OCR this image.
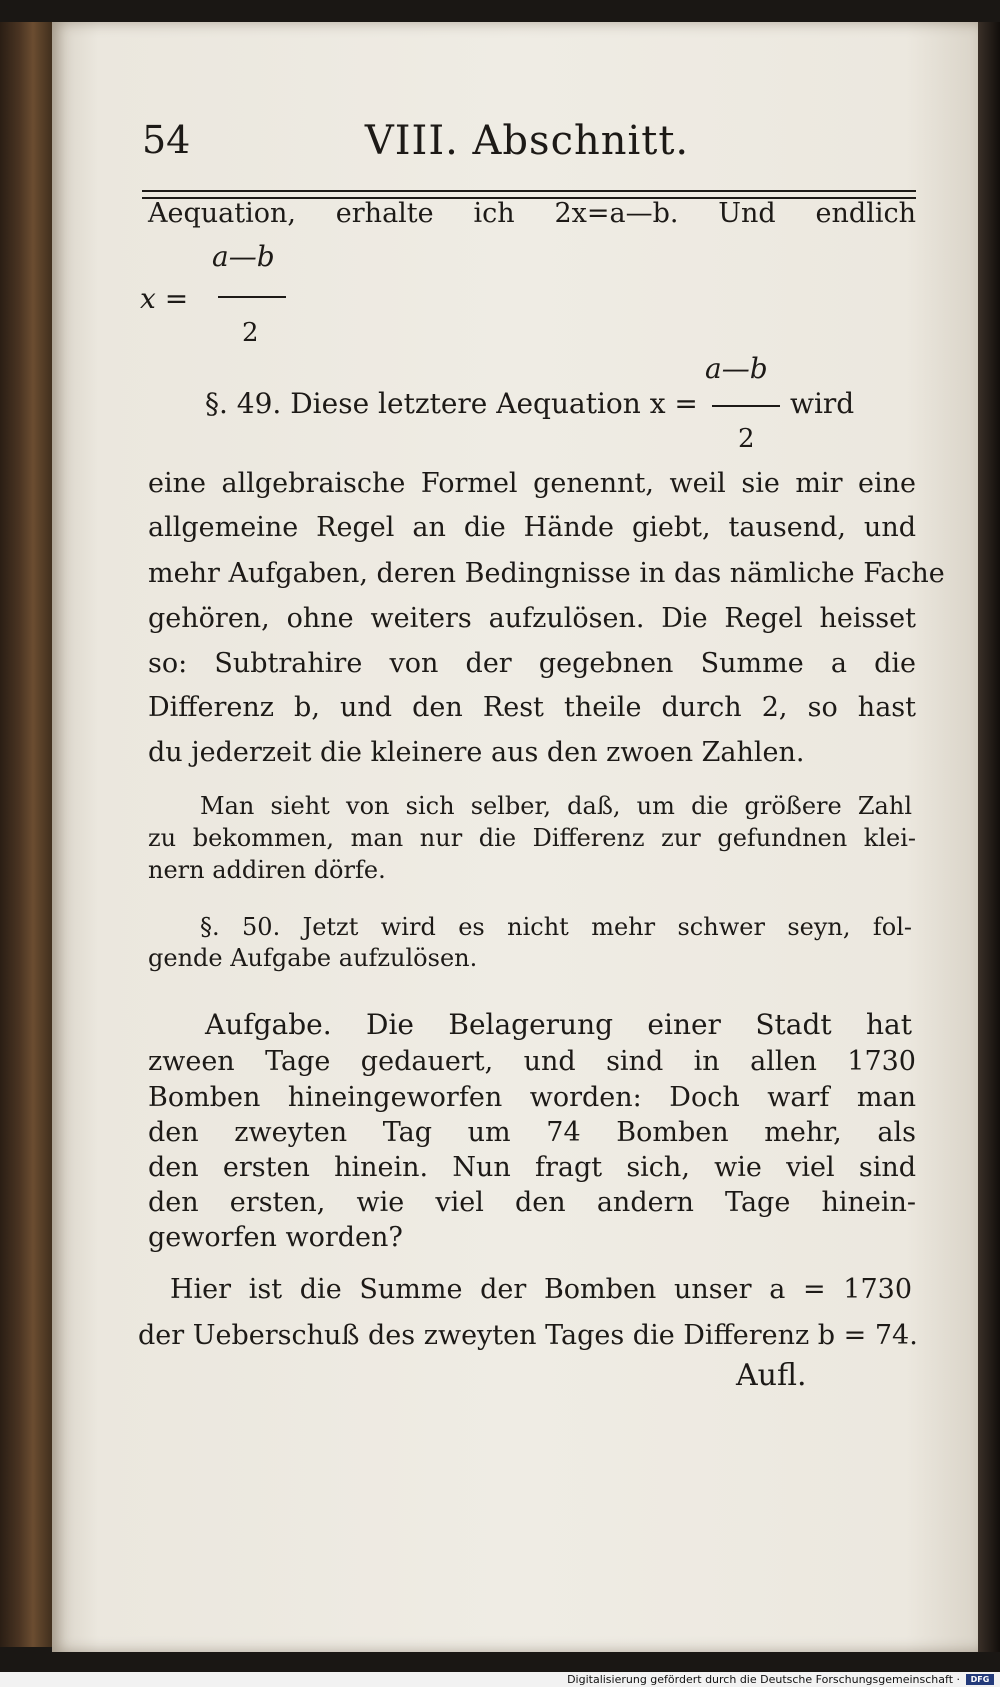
54	VIII. Abschnitt.
Aequation, erhalte ich 2x=a—b. Und endlich
a—b
x =
2
§. 49. Diese letztere Aequation x =
a—b
2
wird
eine allgebraische Formel genennt, weil sie mir eine
allgemeine Regel an die Hände giebt, tausend, und
mehr Aufgaben, deren Bedingnisse in das nämliche Fache
gehören, ohne weiters aufzulösen. Die Regel heisset
so: Subtrahire von der gegebnen Summe a die
Differenz b, und den Rest theile durch 2, so hast
du jederzeit die kleinere aus den zwoen Zahlen.
Man sieht von sich selber, daß, um die größere Zahl
zu bekommen, man nur die Differenz zur gefundnen klei-
nern addiren dörfe.
§. 50. Jetzt wird es nicht mehr schwer seyn, fol-
gende Aufgabe aufzulösen.
Aufgabe. Die Belagerung einer Stadt hat
zween Tage gedauert, und sind in allen 1730
Bomben hineingeworfen worden: Doch warf man
den zweyten Tag um 74 Bomben mehr, als
den ersten hinein. Nun fragt sich, wie viel sind
den ersten, wie viel den andern Tage hinein-
geworfen worden?
Hier ist die Summe der Bomben unser a = 1730
der Ueberschuß des zweyten Tages die Differenz b = 74.
Aufl.
Digitalisierung gefördert durch die Deutsche Forschungsgemeinschaft ·	DFG
